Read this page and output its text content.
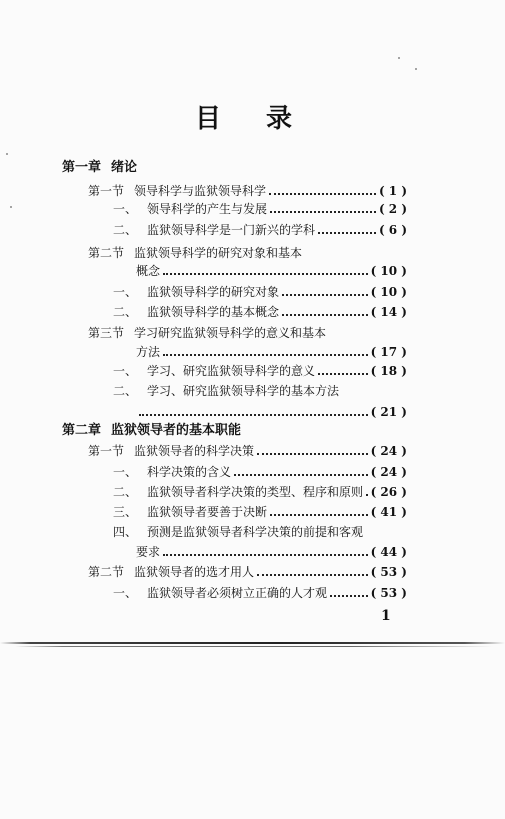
目 录
第一章 绪论
第一节 领导科学与监狱领导科学	( 1 )
一、 领导科学的产生与发展	( 2 )
二、 监狱领导科学是一门新兴的学科	( 6 )
第二节 监狱领导科学的研究对象和基本
概念	( 10 )
一、 监狱领导科学的研究对象	( 10 )
二、 监狱领导科学的基本概念	( 14 )
第三节 学习研究监狱领导科学的意义和基本
方法	( 17 )
一、 学习、研究监狱领导科学的意义	( 18 )
二、 学习、研究监狱领导科学的基本方法
( 21 )
第二章 监狱领导者的基本职能
第一节 监狱领导者的科学决策	( 24 )
一、 科学决策的含义	( 24 )
二、 监狱领导者科学决策的类型、程序和原则 ( 26 )
三、 监狱领导者要善于决断	( 41 )
四、 预测是监狱领导者科学决策的前提和客观
要求	( 44 )
第二节 监狱领导者的选才用人	( 53 )
一、 监狱领导者必须树立正确的人才观	( 53 )
1
